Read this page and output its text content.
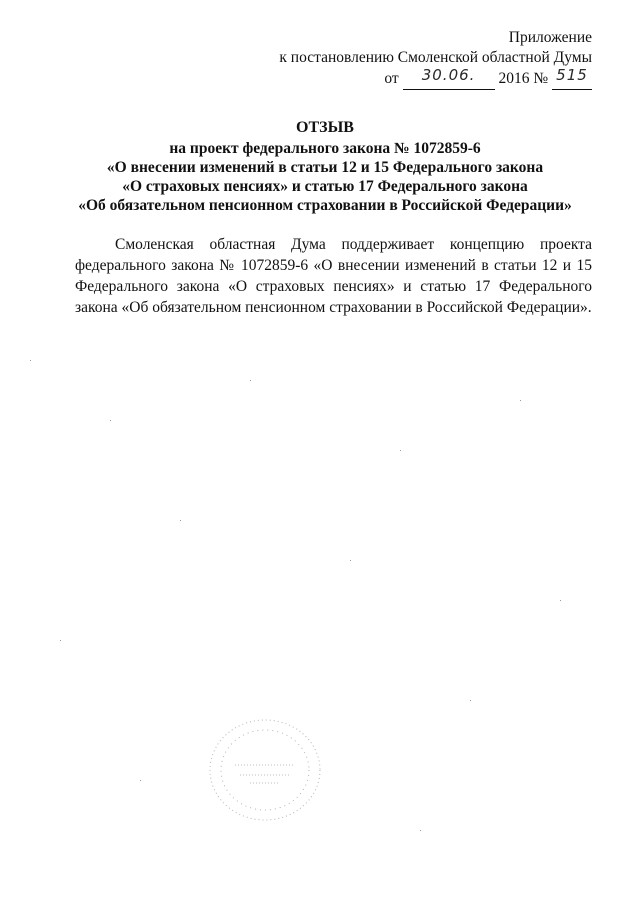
Приложение
к постановлению Смоленской областной Думы
от 30.06. 2016 № 515
ОТЗЫВ
на проект федерального закона № 1072859-6
«О внесении изменений в статьи 12 и 15 Федерального закона
«О страховых пенсиях» и статью 17 Федерального закона
«Об обязательном пенсионном страховании в Российской Федерации»

Смоленская областная Дума поддерживает концепцию проекта федерального закона № 1072859-6 «О внесении изменений в статьи 12 и 15 Федерального закона «О страховых пенсиях» и статью 17 Федерального закона «Об обязательном пенсионном страховании в Российской Федерации».
